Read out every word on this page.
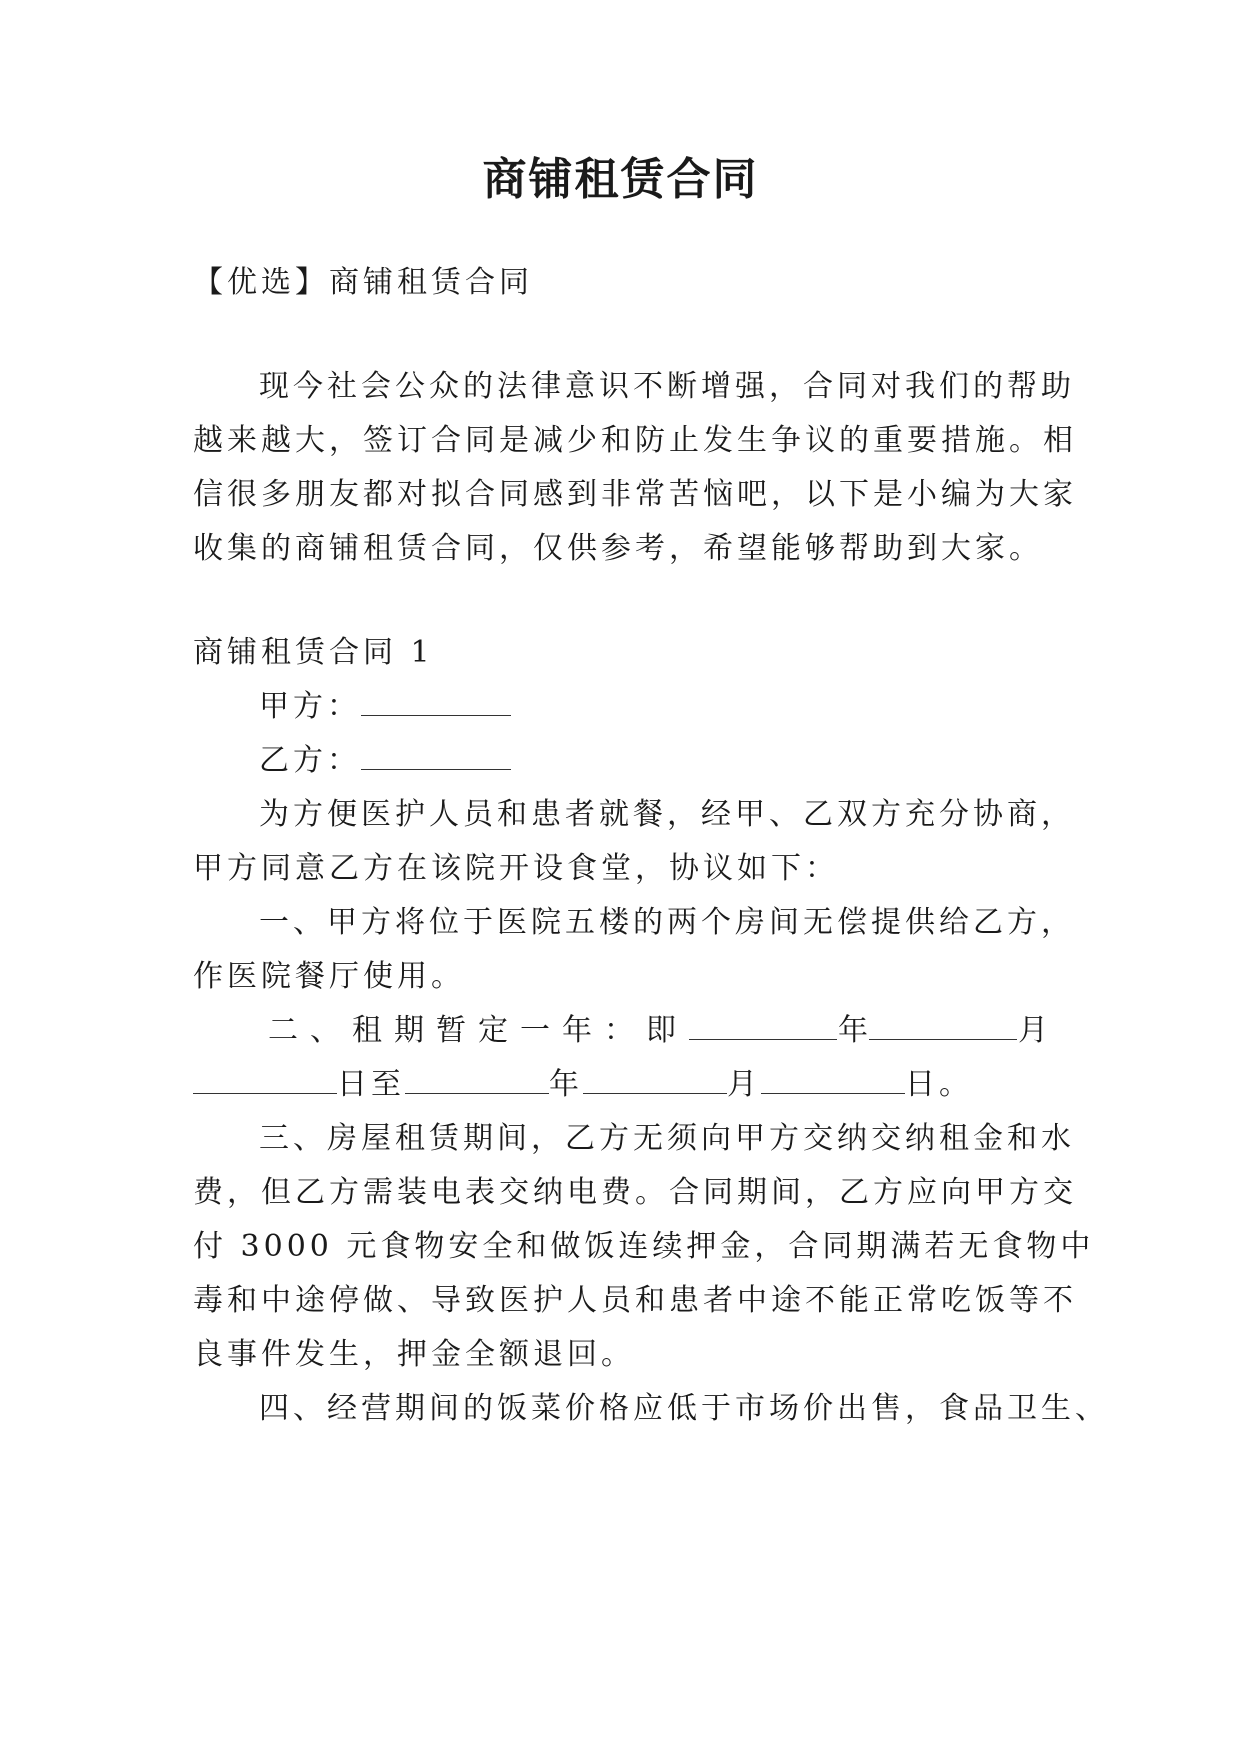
商铺租赁合同
【优选】商铺租赁合同
现今社会公众的法律意识不断增强，合同对我们的帮助
越来越大，签订合同是减少和防止发生争议的重要措施。相
信很多朋友都对拟合同感到非常苦恼吧，以下是小编为大家
收集的商铺租赁合同，仅供参考，希望能够帮助到大家。
商铺租赁合同 1
甲方：
乙方：
为方便医护人员和患者就餐，经甲、乙双方充分协商，
甲方同意乙方在该院开设食堂，协议如下：
一、甲方将位于医院五楼的两个房间无偿提供给乙方，
作医院餐厅使用。
二、租期暂定一年：即	年	月
日至	年	月	日。
三、房屋租赁期间，乙方无须向甲方交纳交纳租金和水
费，但乙方需装电表交纳电费。合同期间，乙方应向甲方交
付 3000 元食物安全和做饭连续押金，合同期满若无食物中
毒和中途停做、导致医护人员和患者中途不能正常吃饭等不
良事件发生，押金全额退回。
四、经营期间的饭菜价格应低于市场价出售，食品卫生、
